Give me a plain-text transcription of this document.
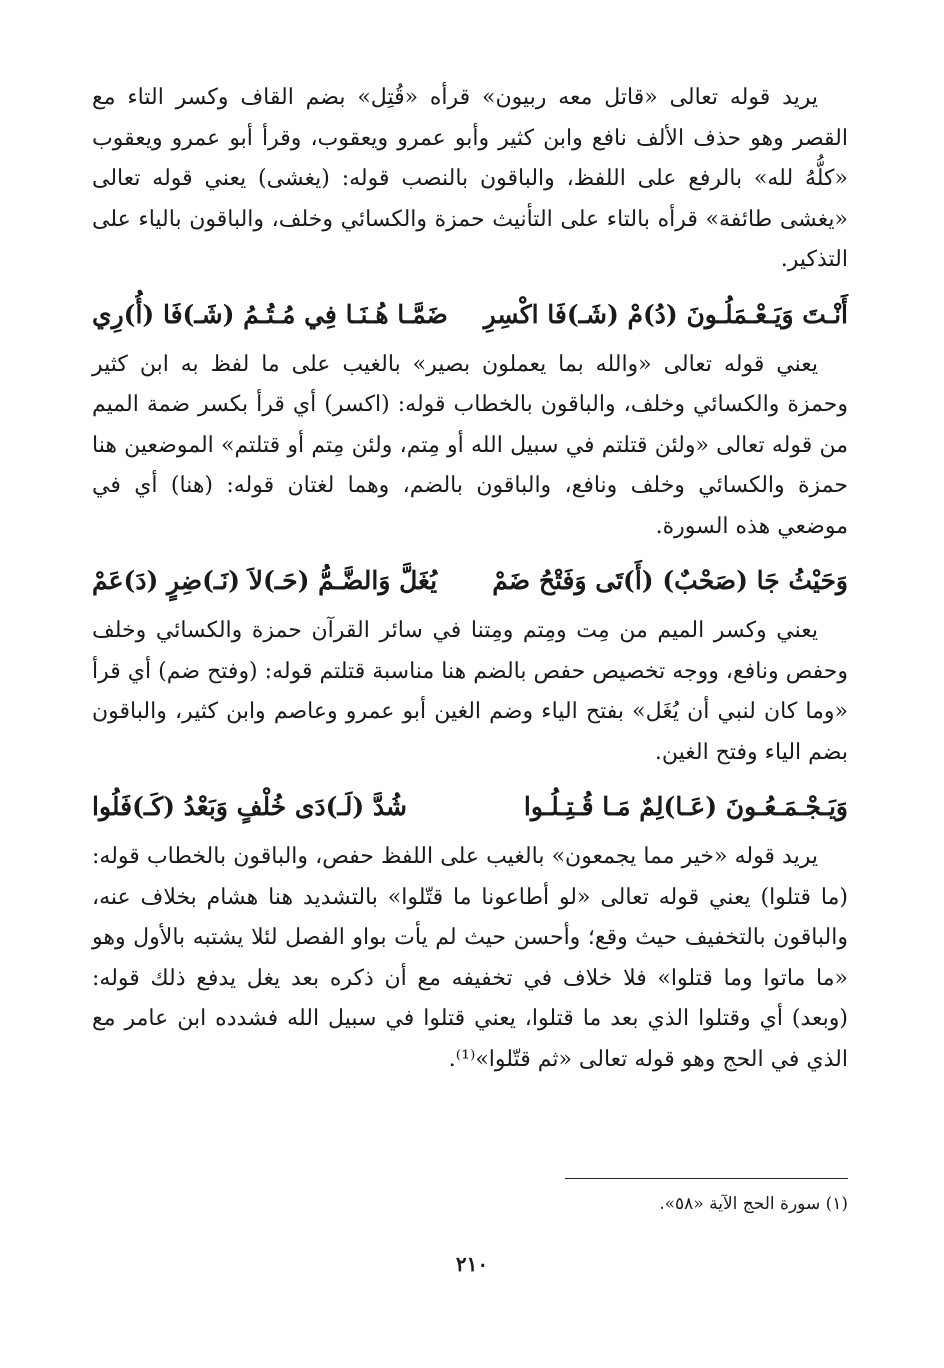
يريد قوله تعالى «قاتل معه ربيون» قرأه «قُتِل» بضم القاف وكسر التاء مع القصر وهو حذف الألف نافع وابن كثير وأبو عمرو ويعقوب، وقرأ أبو عمرو ويعقوب «كلُّهُ لله» بالرفع على اللفظ، والباقون بالنصب قوله: (يغشى) يعني قوله تعالى «يغشى طائفة» قرأه بالتاء على التأنيث حمزة والكسائي وخلف، والباقون بالياء على التذكير.

أَنْـتَ وَيَـعْـمَلُـونَ (دُ)مْ (شَـ)فَا اكْسِرِ
ضَمَّـا هُـنَـا فِي مُـتُـمُ (شَـ)فَا (أُ)رِي

يعني قوله تعالى «والله بما يعملون بصير» بالغيب على ما لفظ به ابن كثير وحمزة والكسائي وخلف، والباقون بالخطاب قوله: (اكسر) أي قرأ بكسر ضمة الميم من قوله تعالى «ولئن قتلتم في سبيل الله أو مِتم، ولئن مِتم أو قتلتم» الموضعين هنا حمزة والكسائي وخلف ونافع، والباقون بالضم، وهما لغتان قوله: (هنا) أي في موضعي هذه السورة.

وَحَيْثُ جَا (صَحْبٌ) (أَ)تَى وَفَتْحُ ضَمْ
يُغَلَّ وَالضَّـمُّ (حَـ)لاَ (نَـ)ضِرٍ (دَ)عَمْ

يعني وكسر الميم من مِت ومِتم ومِتنا في سائر القرآن حمزة والكسائي وخلف وحفص ونافع، ووجه تخصيص حفص بالضم هنا مناسبة قتلتم قوله: (وفتح ضم) أي قرأ «وما كان لنبي أن يُغَل» بفتح الياء وضم الغين أبو عمرو وعاصم وابن كثير، والباقون بضم الياء وفتح الغين.

وَيَـجْـمَـعُـونَ (عَـا)لِمٌ مَـا قُـتِـلُـوا
شُدَّ (لَـ)دَى خُلْفٍ وَبَعْدُ (كَـ)فَلُوا

يريد قوله «خير مما يجمعون» بالغيب على اللفظ حفص، والباقون بالخطاب قوله: (ما قتلوا) يعني قوله تعالى «لو أطاعونا ما قتّلوا» بالتشديد هنا هشام بخلاف عنه، والباقون بالتخفيف حيث وقع؛ وأحسن حيث لم يأت بواو الفصل لئلا يشتبه بالأول وهو «ما ماتوا وما قتلوا» فلا خلاف في تخفيفه مع أن ذكره بعد يغل يدفع ذلك قوله: (وبعد) أي وقتلوا الذي بعد ما قتلوا، يعني قتلوا في سبيل الله فشدده ابن عامر مع الذي في الحج وهو قوله تعالى «ثم قتّلوا»⁽¹⁾.

(١) سورة الحج الآية «٥٨».
٢١٠
